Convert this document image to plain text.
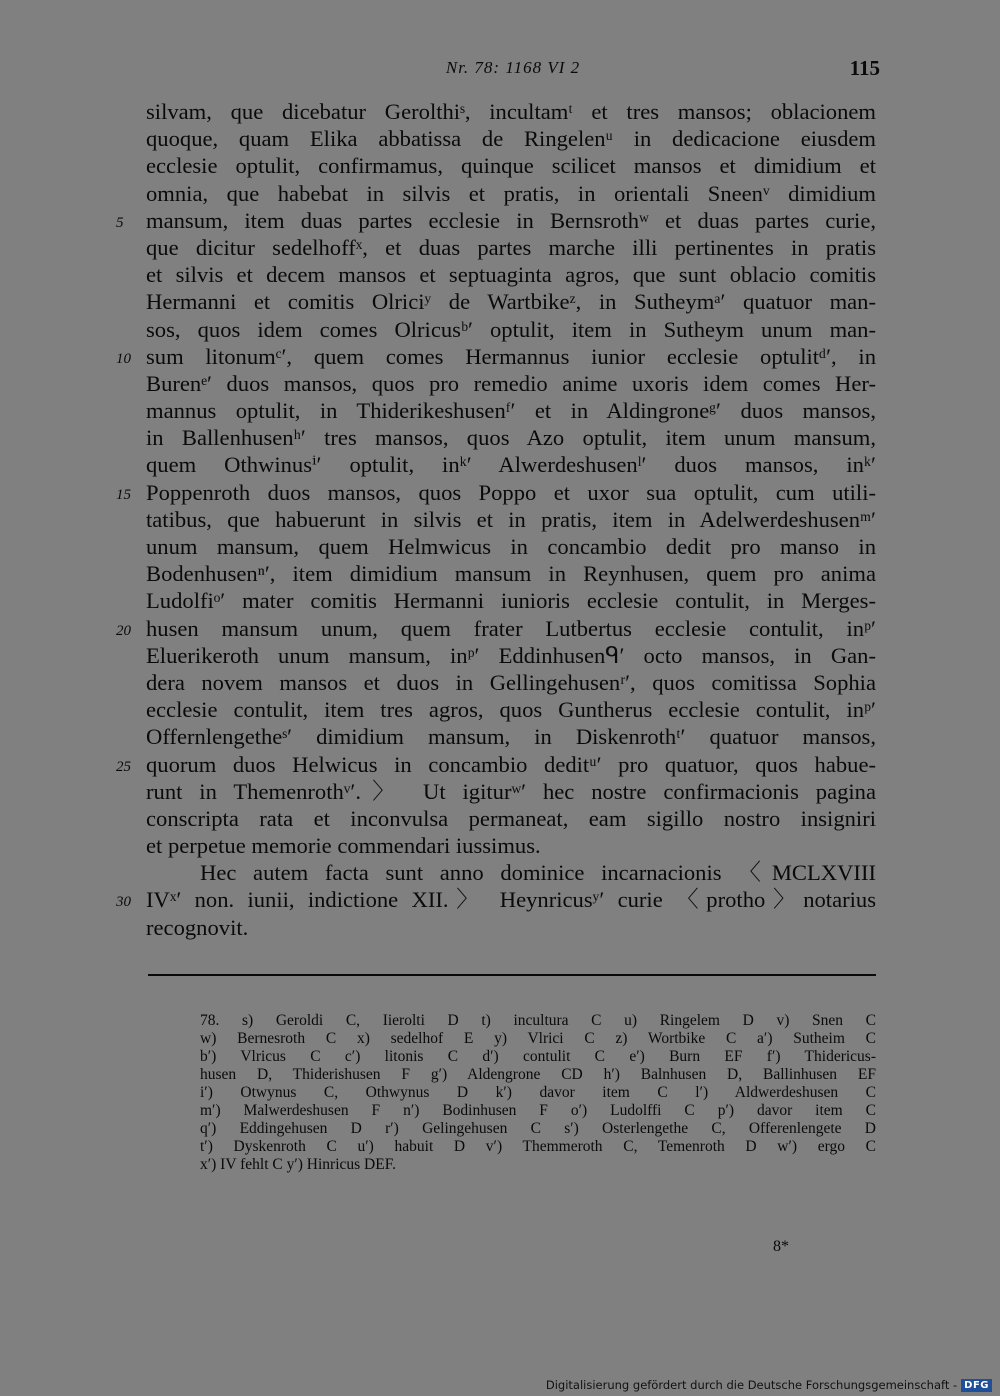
Nr. 78: 1168 VI 2	115
silvam, que dicebatur Gerolthiˢ, incultamᵗ et tres mansos; oblacionem
quoque, quam Elika abbatissa de Ringelenᵘ in dedicacione eiusdem
ecclesie optulit, confirmamus, quinque scilicet mansos et dimidium et
omnia, que habebat in silvis et pratis, in orientali Sneenᵛ dimidium
5 mansum, item duas partes ecclesie in Bernsrothʷ et duas partes curie,
que dicitur sedelhoffˣ, et duas partes marche illi pertinentes in pratis
et silvis et decem mansos et septuaginta agros, que sunt oblacio comitis
Hermanni et comitis Olriciʸ de Wartbikeᶻ, in Sutheymᵃ′ quatuor man-
sos, quos idem comes Olricusᵇ′ optulit, item in Sutheym unum man-
10 sum litonumᶜ′, quem comes Hermannus iunior ecclesie optulitᵈ′, in
Burenᵉ′ duos mansos, quos pro remedio anime uxoris idem comes Her-
mannus optulit, in Thiderikeshusenᶠ′ et in Aldingroneᵍ′ duos mansos,
in Ballenhusenʰ′ tres mansos, quos Azo optulit, item unum mansum,
quem Othwinusⁱ′ optulit, inᵏ′ Alwerdeshusenˡ′ duos mansos, inᵏ′
15 Poppenroth duos mansos, quos Poppo et uxor sua optulit, cum utili-
tatibus, que habuerunt in silvis et in pratis, item in Adelwerdeshusenᵐ′
unum mansum, quem Helmwicus in concambio dedit pro manso in
Bodenhusenⁿ′, item dimidium mansum in Reynhusen, quem pro anima
Ludolfiᵒ′ mater comitis Hermanni iunioris ecclesie contulit, in Merges-
20 husen mansum unum, quem frater Lutbertus ecclesie contulit, inᵖ′
Eluerikeroth unum mansum, inᵖ′ Eddinhusenᑫ′ octo mansos, in Gan-
dera novem mansos et duos in Gellingehusenʳ′, quos comitissa Sophia
ecclesie contulit, item tres agros, quos Guntherus ecclesie contulit, inᵖ′
Offernlengetheˢ′ dimidium mansum, in Diskenrothᵗ′ quatuor mansos,
25 quorum duos Helwicus in concambio deditᵘ′ pro quatuor, quos habue-
runt in Themenrothᵛ′.〉 Ut igiturʷ′ hec nostre confirmacionis pagina
conscripta rata et inconvulsa permaneat, eam sigillo nostro insigniri
et perpetue memorie commendari iussimus.
Hec autem facta sunt anno dominice incarnacionis 〈MCLXVIII
30 IVˣ′ non. iunii, indictione XII.〉 Heynricusʸ′ curie 〈protho〉notarius
recognovit.
78. s) Geroldi C, Iierolti D t) incultura C u) Ringelem D v) Snen C
w) Bernesroth C x) sedelhof E y) Vlrici C z) Wortbike C a′) Sutheim C
b′) Vlricus C c′) litonis C d′) contulit C e′) Burn EF f′) Thidericus-
husen D, Thiderishusen F g′) Aldengrone CD h′) Balnhusen D, Ballinhusen EF
i′) Otwynus C, Othwynus D k′) davor item C l′) Aldwerdeshusen C
m′) Malwerdeshusen F n′) Bodinhusen F o′) Ludolffi C p′) davor item C
q′) Eddingehusen D r′) Gelingehusen C s′) Osterlengethe C, Offerenlengete D
t′) Dyskenroth C u′) habuit D v′) Themmeroth C, Temenroth D w′) ergo C
x′) IV fehlt C y′) Hinricus DEF.
8*
Digitalisierung gefördert durch die Deutsche Forschungsgemeinschaft - DFG
